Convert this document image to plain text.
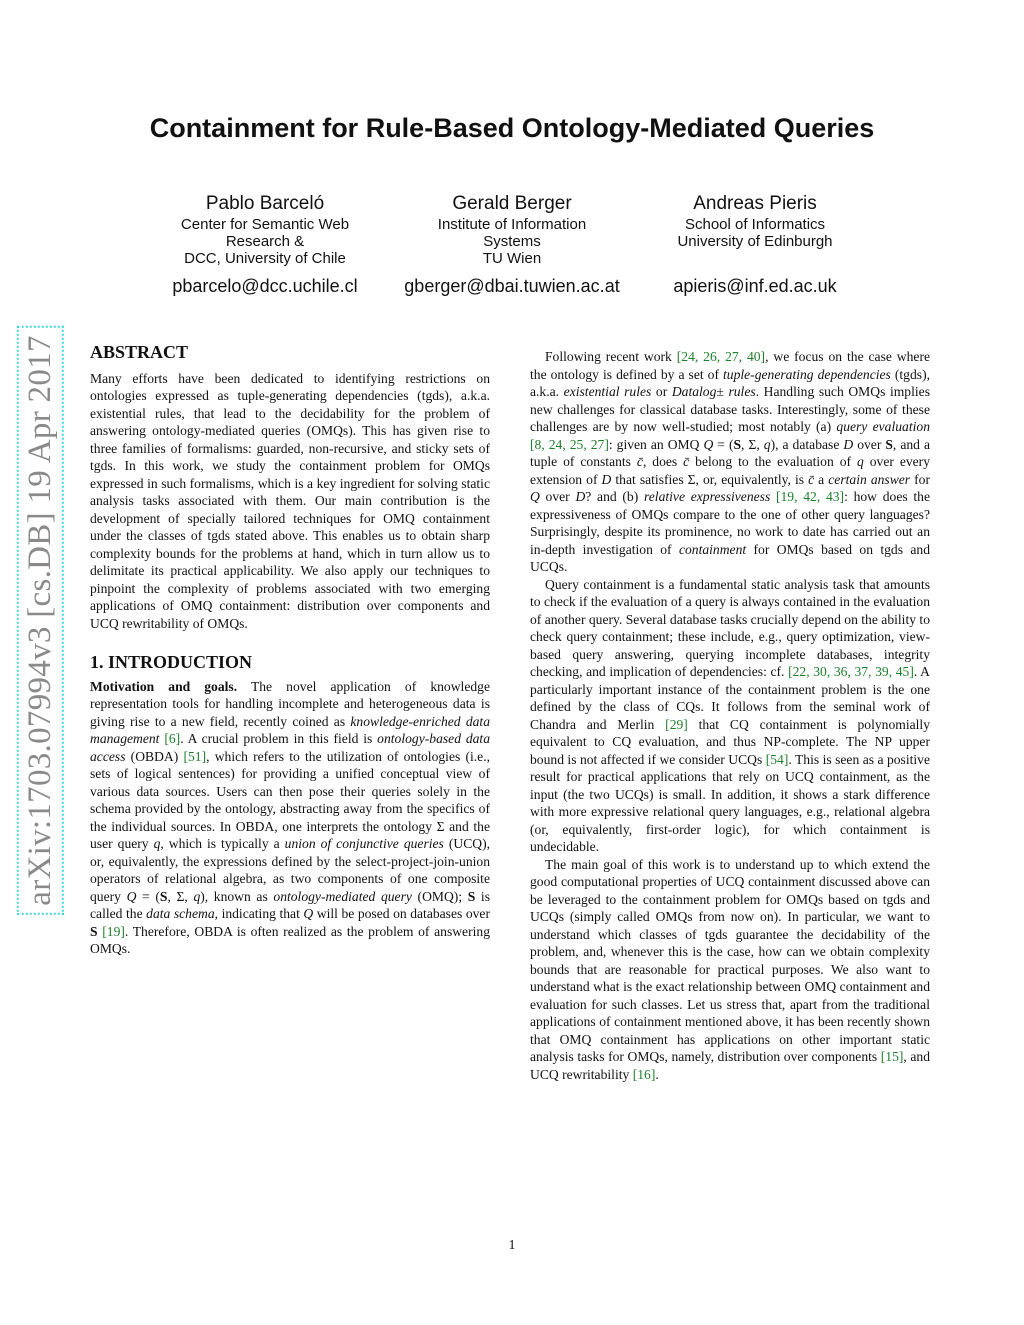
arXiv:1703.07994v3 [cs.DB] 19 Apr 2017
Containment for Rule-Based Ontology-Mediated Queries
Pablo Barceló
Center for Semantic Web
Research &
DCC, University of Chile
pbarcelo@dcc.uchile.cl
Gerald Berger
Institute of Information
Systems
TU Wien
gberger@dbai.tuwien.ac.at
Andreas Pieris
School of Informatics
University of Edinburgh
apieris@inf.ed.ac.uk
ABSTRACT

Many efforts have been dedicated to identifying restrictions on ontologies expressed as tuple-generating dependencies (tgds), a.k.a. existential rules, that lead to the decidability for the problem of answering ontology-mediated queries (OMQs). This has given rise to three families of formalisms: guarded, non-recursive, and sticky sets of tgds. In this work, we study the containment problem for OMQs expressed in such formalisms, which is a key ingredient for solving static analysis tasks associated with them. Our main contribution is the development of specially tailored techniques for OMQ containment under the classes of tgds stated above. This enables us to obtain sharp complexity bounds for the problems at hand, which in turn allow us to delimitate its practical applicability. We also apply our techniques to pinpoint the complexity of problems associated with two emerging applications of OMQ containment: distribution over components and UCQ rewritability of OMQs.

1. INTRODUCTION

Motivation and goals. The novel application of knowledge representation tools for handling incomplete and heterogeneous data is giving rise to a new field, recently coined as knowledge-enriched data management [6]. A crucial problem in this field is ontology-based data access (OBDA) [51], which refers to the utilization of ontologies (i.e., sets of logical sentences) for providing a unified conceptual view of various data sources. Users can then pose their queries solely in the schema provided by the ontology, abstracting away from the specifics of the individual sources. In OBDA, one interprets the ontology Σ and the user query q, which is typically a union of conjunctive queries (UCQ), or, equivalently, the expressions defined by the select-project-join-union operators of relational algebra, as two components of one composite query Q = (S, Σ, q), known as ontology-mediated query (OMQ); S is called the data schema, indicating that Q will be posed on databases over S [19]. Therefore, OBDA is often realized as the problem of answering OMQs.

Following recent work [24, 26, 27, 40], we focus on the case where the ontology is defined by a set of tuple-generating dependencies (tgds), a.k.a. existential rules or Datalog± rules. Handling such OMQs implies new challenges for classical database tasks. Interestingly, some of these challenges are by now well-studied; most notably (a) query evaluation [8, 24, 25, 27]: given an OMQ Q = (S, Σ, q), a database D over S, and a tuple of constants c̄, does c̄ belong to the evaluation of q over every extension of D that satisfies Σ, or, equivalently, is c̄ a certain answer for Q over D? and (b) relative expressiveness [19, 42, 43]: how does the expressiveness of OMQs compare to the one of other query languages? Surprisingly, despite its prominence, no work to date has carried out an in-depth investigation of containment for OMQs based on tgds and UCQs.

Query containment is a fundamental static analysis task that amounts to check if the evaluation of a query is always contained in the evaluation of another query. Several database tasks crucially depend on the ability to check query containment; these include, e.g., query optimization, view-based query answering, querying incomplete databases, integrity checking, and implication of dependencies: cf. [22, 30, 36, 37, 39, 45]. A particularly important instance of the containment problem is the one defined by the class of CQs. It follows from the seminal work of Chandra and Merlin [29] that CQ containment is polynomially equivalent to CQ evaluation, and thus NP-complete. The NP upper bound is not affected if we consider UCQs [54]. This is seen as a positive result for practical applications that rely on UCQ containment, as the input (the two UCQs) is small. In addition, it shows a stark difference with more expressive relational query languages, e.g., relational algebra (or, equivalently, first-order logic), for which containment is undecidable.

The main goal of this work is to understand up to which extend the good computational properties of UCQ containment discussed above can be leveraged to the containment problem for OMQs based on tgds and UCQs (simply called OMQs from now on). In particular, we want to understand which classes of tgds guarantee the decidability of the problem, and, whenever this is the case, how can we obtain complexity bounds that are reasonable for practical purposes. We also want to understand what is the exact relationship between OMQ containment and evaluation for such classes. Let us stress that, apart from the traditional applications of containment mentioned above, it has been recently shown that OMQ containment has applications on other important static analysis tasks for OMQs, namely, distribution over components [15], and UCQ rewritability [16].

1
